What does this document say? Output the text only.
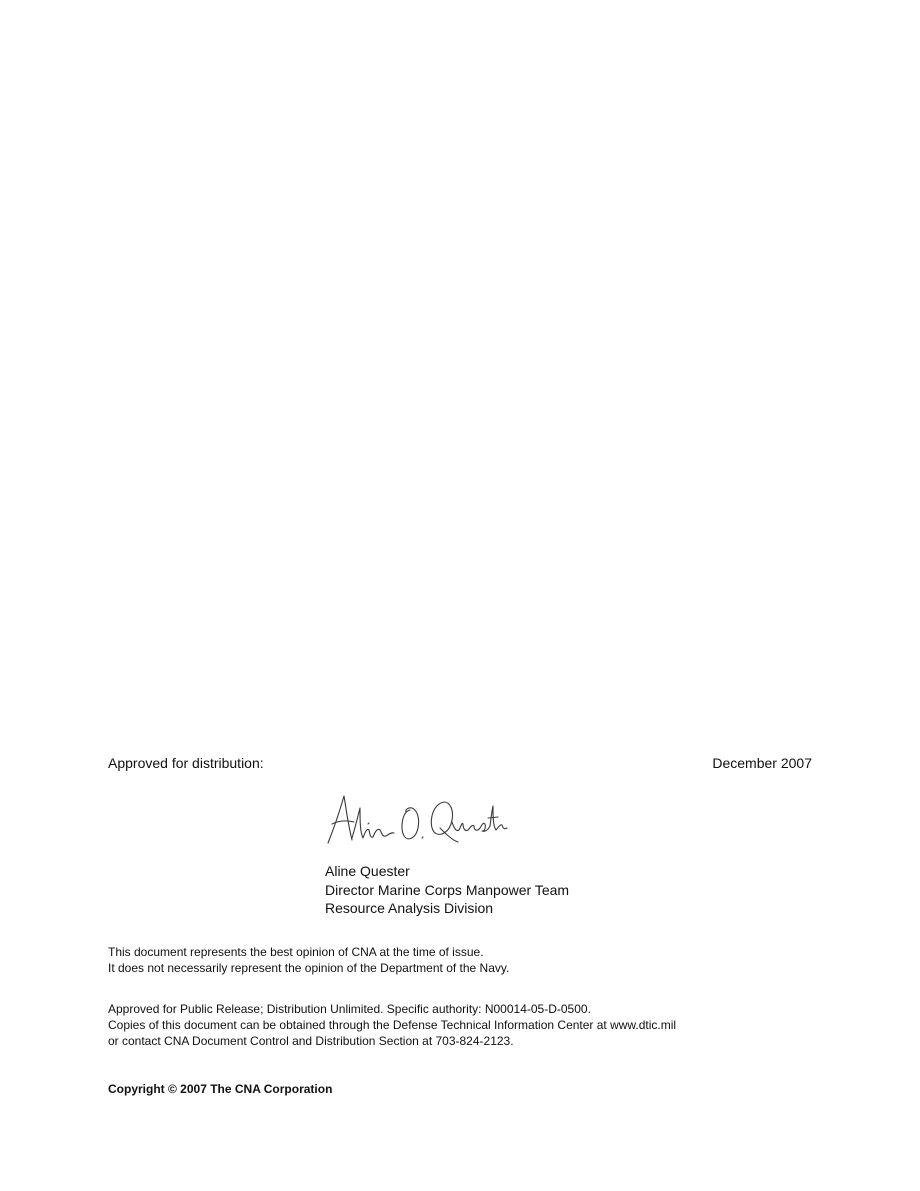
Approved for distribution:	December 2007
Aline Quester
Director Marine Corps Manpower Team
Resource Analysis Division
This document represents the best opinion of CNA at the time of issue.
It does not necessarily represent the opinion of the Department of the Navy.
Approved for Public Release; Distribution Unlimited. Specific authority: N00014-05-D-0500.
Copies of this document can be obtained through the Defense Technical Information Center at www.dtic.mil
or contact CNA Document Control and Distribution Section at 703-824-2123.
Copyright © 2007 The CNA Corporation
